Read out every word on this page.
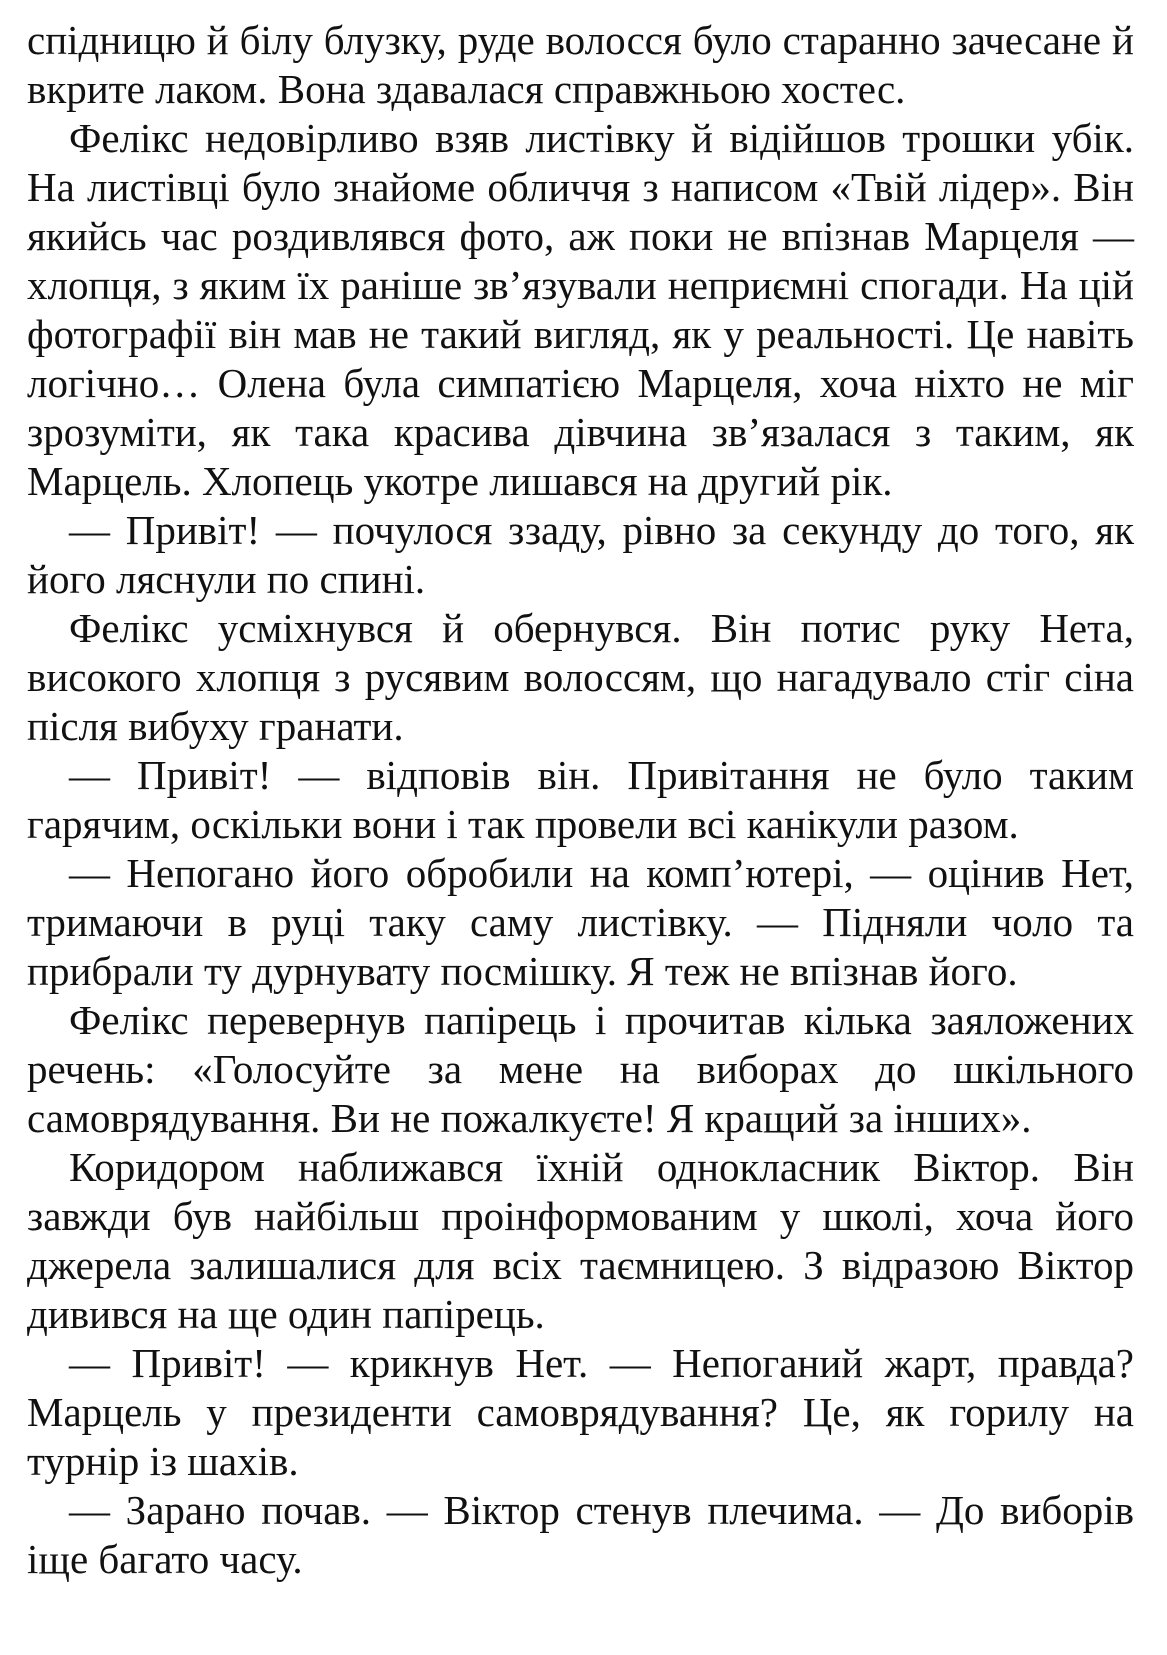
спідницю й білу блузку, руде волосся було старанно зачесане й вкрите лаком. Вона здавалася справжньою хостес.

Фелікс недовірливо взяв листівку й відійшов трошки убік. На листівці було знайоме обличчя з написом «Твій лідер». Він якийсь час роздивлявся фото, аж поки не впізнав Марцеля — хлопця, з яким їх раніше зв’язували неприємні спогади. На цій фотографії він мав не такий вигляд, як у реальності. Це навіть логічно… Олена була симпатією Марцеля, хоча ніхто не міг зрозуміти, як така красива дівчина зв’язалася з таким, як Марцель. Хлопець укотре лишався на другий рік.

— Привіт! — почулося ззаду, рівно за секунду до того, як його ляснули по спині.

Фелікс усміхнувся й обернувся. Він потис руку Нета, високого хлопця з русявим волоссям, що нагадувало стіг сіна після вибуху гранати.

— Привіт! — відповів він. Привітання не було таким гарячим, оскільки вони і так провели всі канікули разом.

— Непогано його обробили на комп’ютері, — оцінив Нет, тримаючи в руці таку саму листівку. — Підняли чоло та прибрали ту дурнувату посмішку. Я теж не впізнав його.

Фелікс перевернув папірець і прочитав кілька заяложених речень: «Голосуйте за мене на виборах до шкільного самоврядування. Ви не пожалкуєте! Я кращий за інших».

Коридором наближався їхній однокласник Віктор. Він завжди був найбільш проінформованим у школі, хоча його джерела залишалися для всіх таємницею. З відразою Віктор дивився на ще один папірець.

— Привіт! — крикнув Нет. — Непоганий жарт, правда? Марцель у президенти самоврядування? Це, як горилу на турнір із шахів.

— Зарано почав. — Віктор стенув плечима. — До виборів іще багато часу.
